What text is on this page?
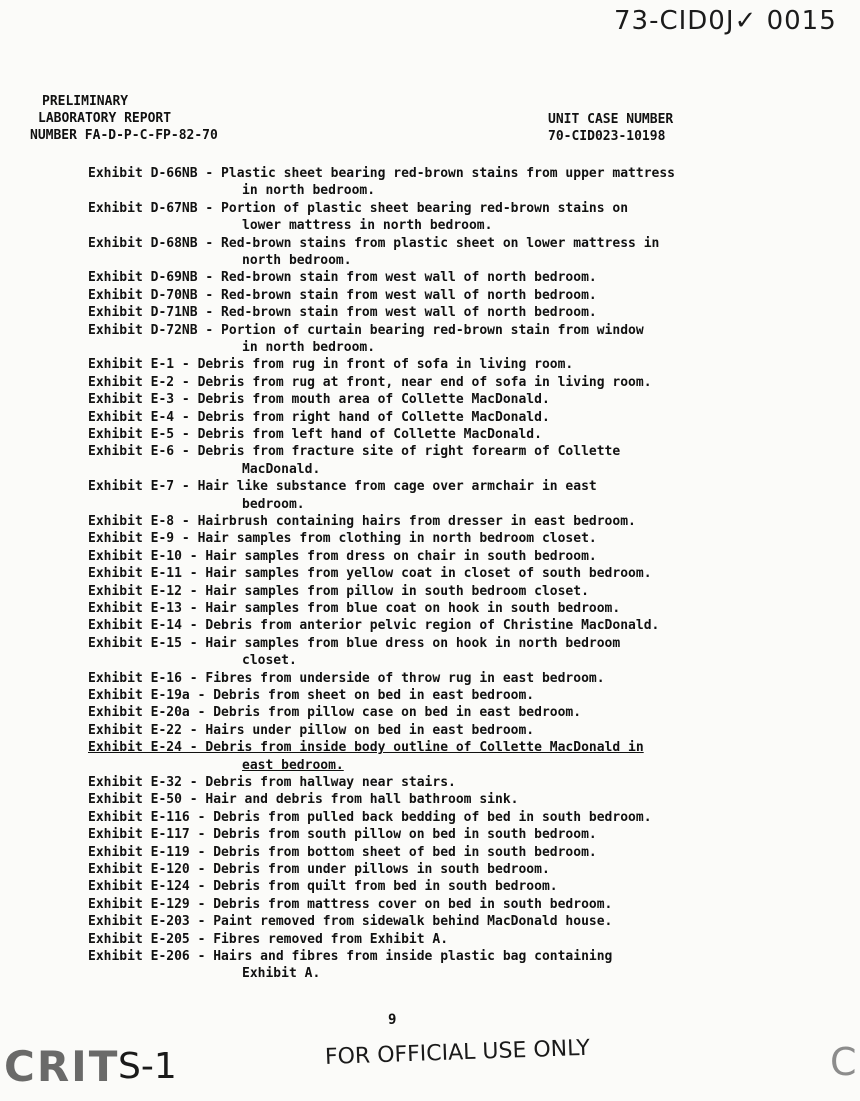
73-CID0J✓ 0015
PRELIMINARY
LABORATORY REPORT
NUMBER FA-D-P-C-FP-82-70
UNIT CASE NUMBER
70-CID023-10198
Exhibit D-66NB - Plastic sheet bearing red-brown stains from upper mattress
in north bedroom.
Exhibit D-67NB - Portion of plastic sheet bearing red-brown stains on
lower mattress in north bedroom.
Exhibit D-68NB - Red-brown stains from plastic sheet on lower mattress in
north bedroom.
Exhibit D-69NB - Red-brown stain from west wall of north bedroom.
Exhibit D-70NB - Red-brown stain from west wall of north bedroom.
Exhibit D-71NB - Red-brown stain from west wall of north bedroom.
Exhibit D-72NB - Portion of curtain bearing red-brown stain from window
in north bedroom.
Exhibit E-1 - Debris from rug in front of sofa in living room.
Exhibit E-2 - Debris from rug at front, near end of sofa in living room.
Exhibit E-3 - Debris from mouth area of Collette MacDonald.
Exhibit E-4 - Debris from right hand of Collette MacDonald.
Exhibit E-5 - Debris from left hand of Collette MacDonald.
Exhibit E-6 - Debris from fracture site of right forearm of Collette
MacDonald.
Exhibit E-7 - Hair like substance from cage over armchair in east
bedroom.
Exhibit E-8 - Hairbrush containing hairs from dresser in east bedroom.
Exhibit E-9 - Hair samples from clothing in north bedroom closet.
Exhibit E-10 - Hair samples from dress on chair in south bedroom.
Exhibit E-11 - Hair samples from yellow coat in closet of south bedroom.
Exhibit E-12 - Hair samples from pillow in south bedroom closet.
Exhibit E-13 - Hair samples from blue coat on hook in south bedroom.
Exhibit E-14 - Debris from anterior pelvic region of Christine MacDonald.
Exhibit E-15 - Hair samples from blue dress on hook in north bedroom
closet.
Exhibit E-16 - Fibres from underside of throw rug in east bedroom.
Exhibit E-19a - Debris from sheet on bed in east bedroom.
Exhibit E-20a - Debris from pillow case on bed in east bedroom.
Exhibit E-22 - Hairs under pillow on bed in east bedroom.
Exhibit E-24 - Debris from inside body outline of Collette MacDonald in
east bedroom.
Exhibit E-32 - Debris from hallway near stairs.
Exhibit E-50 - Hair and debris from hall bathroom sink.
Exhibit E-116 - Debris from pulled back bedding of bed in south bedroom.
Exhibit E-117 - Debris from south pillow on bed in south bedroom.
Exhibit E-119 - Debris from bottom sheet of bed in south bedroom.
Exhibit E-120 - Debris from under pillows in south bedroom.
Exhibit E-124 - Debris from quilt from bed in south bedroom.
Exhibit E-129 - Debris from mattress cover on bed in south bedroom.
Exhibit E-203 - Paint removed from sidewalk behind MacDonald house.
Exhibit E-205 - Fibres removed from Exhibit A.
Exhibit E-206 - Hairs and fibres from inside plastic bag containing
Exhibit A.
9
CRIT
S-1	FOR OFFICIAL USE ONLY	C
